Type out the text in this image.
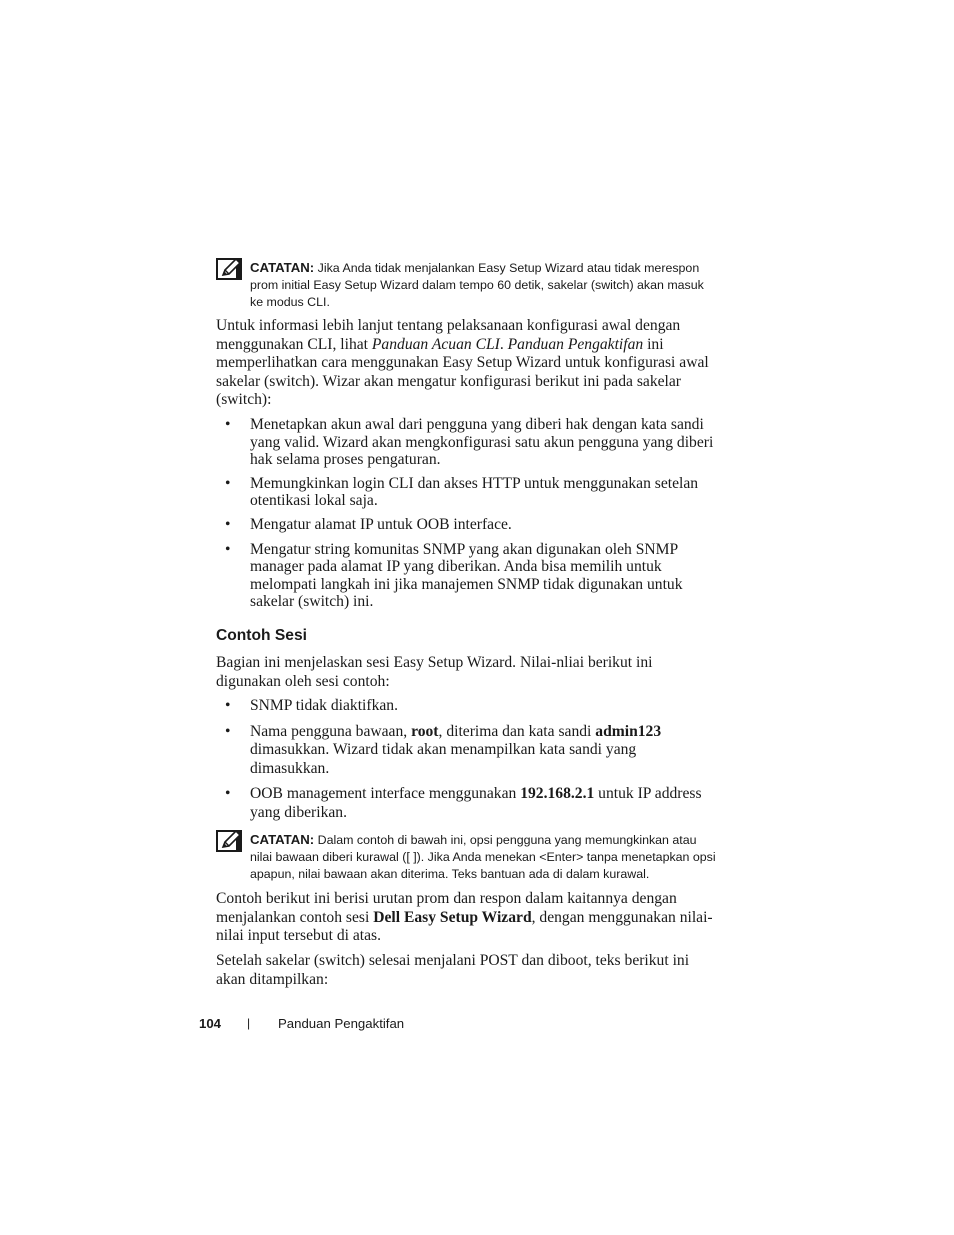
CATATAN: Jika Anda tidak menjalankan Easy Setup Wizard atau tidak merespon prom initial Easy Setup Wizard dalam tempo 60 detik, sakelar (switch) akan masuk ke modus CLI.

Untuk informasi lebih lanjut tentang pelaksanaan konfigurasi awal dengan menggunakan CLI, lihat Panduan Acuan CLI. Panduan Pengaktifan ini memperlihatkan cara menggunakan Easy Setup Wizard untuk konfigurasi awal sakelar (switch). Wizar akan mengatur konfigurasi berikut ini pada sakelar (switch):

• Menetapkan akun awal dari pengguna yang diberi hak dengan kata sandi yang valid. Wizard akan mengkonfigurasi satu akun pengguna yang diberi hak selama proses pengaturan.
• Memungkinkan login CLI dan akses HTTP untuk menggunakan setelan otentikasi lokal saja.
• Mengatur alamat IP untuk OOB interface.
• Mengatur string komunitas SNMP yang akan digunakan oleh SNMP manager pada alamat IP yang diberikan. Anda bisa memilih untuk melompati langkah ini jika manajemen SNMP tidak digunakan untuk sakelar (switch) ini.
Contoh Sesi

Bagian ini menjelaskan sesi Easy Setup Wizard. Nilai-nliai berikut ini digunakan oleh sesi contoh:

• SNMP tidak diaktifkan.
• Nama pengguna bawaan, root, diterima dan kata sandi admin123 dimasukkan. Wizard tidak akan menampilkan kata sandi yang dimasukkan.
• OOB management interface menggunakan 192.168.2.1 untuk IP address yang diberikan.
CATATAN: Dalam contoh di bawah ini, opsi pengguna yang memungkinkan atau nilai bawaan diberi kurawal ([ ]). Jika Anda menekan <Enter> tanpa menetapkan opsi apapun, nilai bawaan akan diterima. Teks bantuan ada di dalam kurawal.

Contoh berikut ini berisi urutan prom dan respon dalam kaitannya dengan menjalankan contoh sesi Dell Easy Setup Wizard, dengan menggunakan nilai-nilai input tersebut di atas.

Setelah sakelar (switch) selesai menjalani POST dan diboot, teks berikut ini akan ditampilkan:

104 | Panduan Pengaktifan
